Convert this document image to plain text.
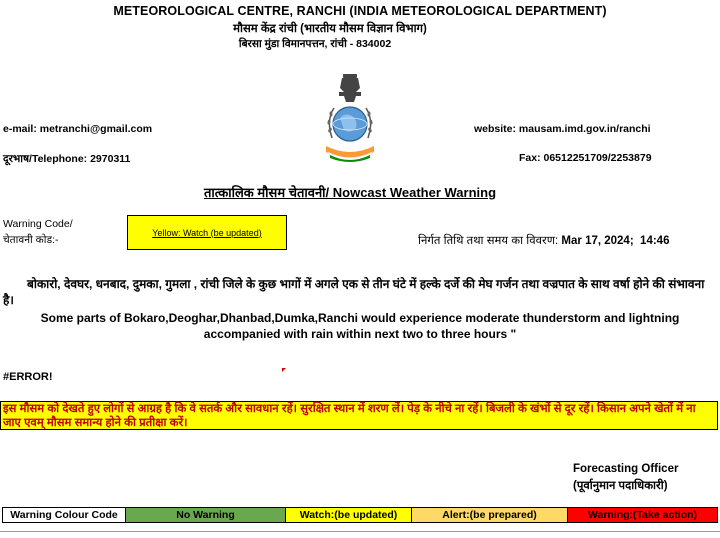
METEOROLOGICAL CENTRE, RANCHI (INDIA METEOROLOGICAL DEPARTMENT)
मौसम केंद्र रांची (भारतीय मौसम विज्ञान विभाग)
बिरसा मुंडा विमानपत्तन, रांची - 834002
e-mail: metranchi@gmail.com	website: mausam.imd.gov.in/ranchi
दूरभाष/Telephone: 2970311	Fax: 06512251709/2253879
तात्कालिक मौसम चेतावनी/ Nowcast Weather Warning
Warning Code/
चेतावनी कोड:-
Yellow: Watch (be updated)
निर्गत तिथि तथा समय का विवरण: Mar 17, 2024;  14:46
बोकारो, देवघर, धनबाद, दुमका, गुमला , रांची जिले के कुछ भागों में अगले एक से तीन घंटे में हल्के दर्जे की मेघ गर्जन तथा वज्रपात के साथ वर्षा होने की संभावना है।
Some parts of Bokaro,Deoghar,Dhanbad,Dumka,Ranchi would experience moderate thunderstorm and lightning
accompanied with rain within next two to three hours "
#ERROR!
इस मौसम को देखते हुए लोगों से आग्रह है कि वे सतर्क और सावधान रहें। सुरक्षित स्थान में शरण लें। पेड़ के नीचे ना रहें। बिजली के खंभों से दूर रहें। किसान अपने खेतों में ना जाए एवम् मौसम समान्य होने की प्रतीक्षा करें।
Forecasting Officer
(पूर्वानुमान पदाधिकारी)
Warning Colour Code	No Warning	Watch:(be updated)	Alert:(be prepared)	Warning:(Take action)
